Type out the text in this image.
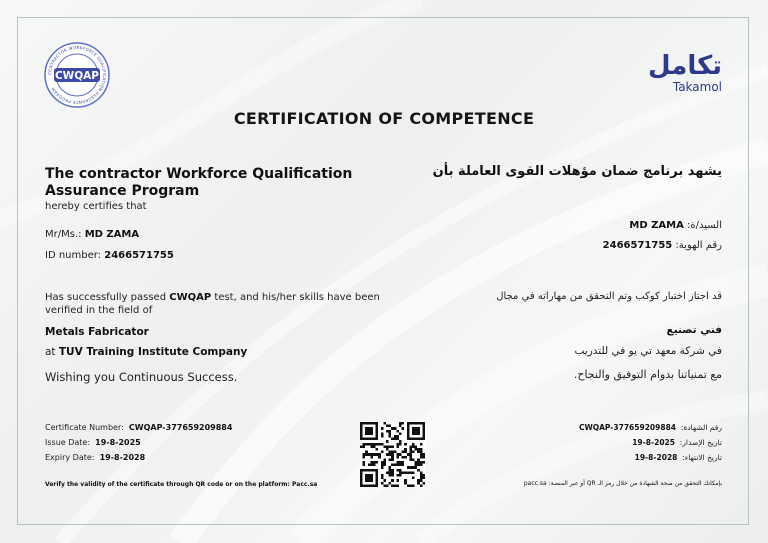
CONTRACTOR WORKFORCE QUALIFICATION ASSURANCE PROGRAM
CWQAP	تكامل
Takamol
CERTIFICATION OF COMPETENCE
The contractor Workforce Qualification Assurance Program
hereby certifies that
Mr/Ms.: MD ZAMA
ID number: 2466571755
Has successfully passed CWQAP test, and his/her skills have been verified in the field of
Metals Fabricator
at TUV Training Institute Company
Wishing you Continuous Success.
Certificate Number: CWQAP-377659209884
Issue Date: 19-8-2025
Expiry Date: 19-8-2028
Verify the validity of the certificate through QR code or on the platform: Pacc.sa
يشهد برنامج ضمان مؤهلات القوى العاملة بأن
السيد/ة: MD ZAMA
رقم الهوية: 2466571755
قد اجتاز اختبار كوكب وتم التحقق من مهاراته في مجال
فني تصنيع
في شركة معهد تي يو في للتدريب
مع تمنياتنا بدوام التوفيق والنجاح.
رقم الشهادة:  CWQAP-377659209884
تاريخ الإصدار:  2025-8-19
تاريخ الانتهاء:  2028-8-19
بإمكانك التحقق من صحة الشهادة من خلال رمز الـ QR أو عبر المنصة: pacc.sa
